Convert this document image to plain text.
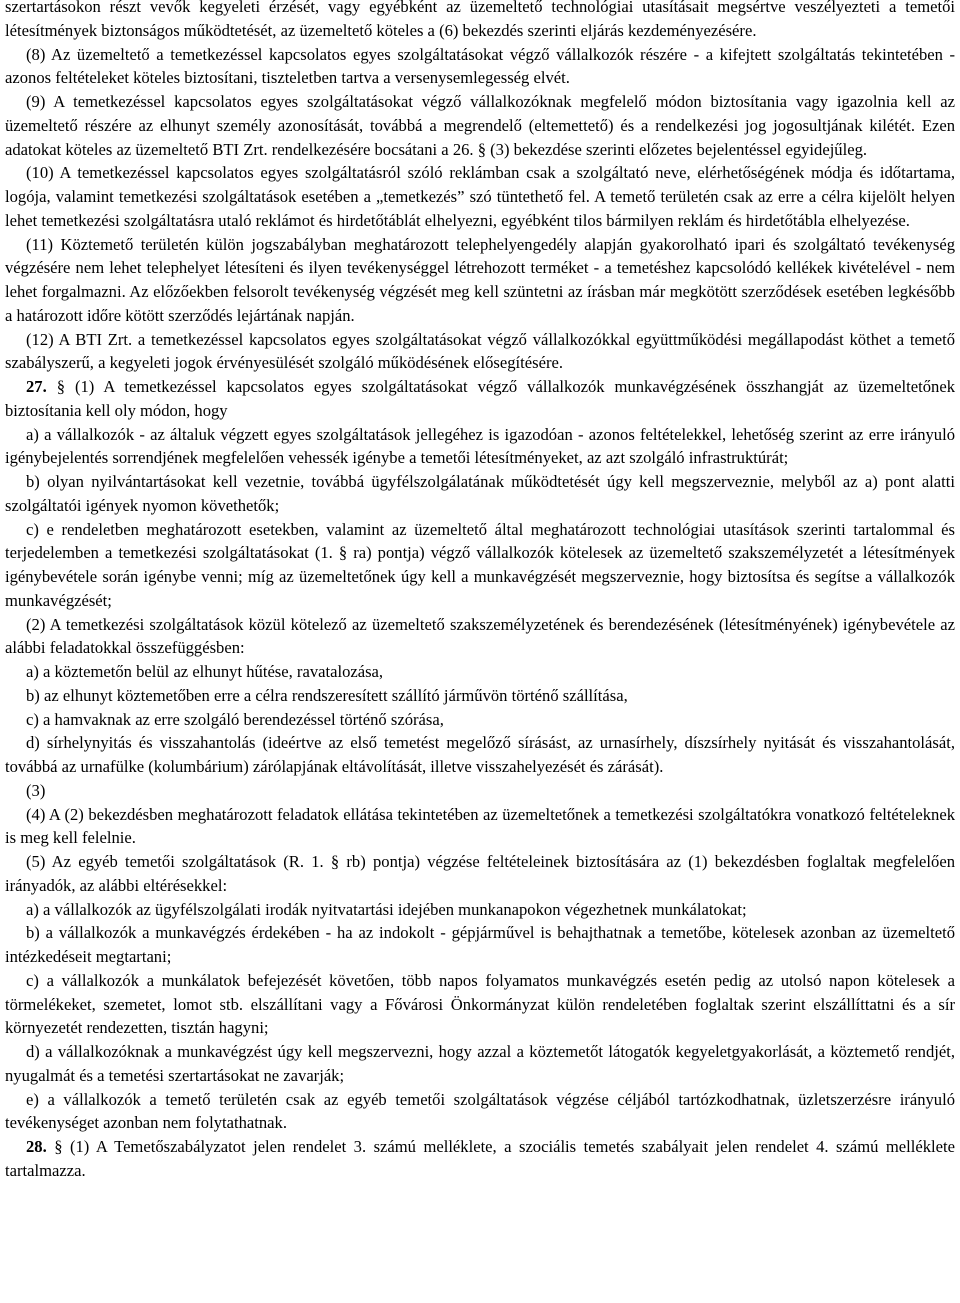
szertartásokon részt vevők kegyeleti érzését, vagy egyébként az üzemeltető technológiai utasításait megsértve veszélyezteti a temetői létesítmények biztonságos működtetését, az üzemeltető köteles a (6) bekezdés szerinti eljárás kezdeményezésére.

(8) Az üzemeltető a temetkezéssel kapcsolatos egyes szolgáltatásokat végző vállalkozók részére - a kifejtett szolgáltatás tekintetében - azonos feltételeket köteles biztosítani, tiszteletben tartva a versenysemlegesség elvét.

(9) A temetkezéssel kapcsolatos egyes szolgáltatásokat végző vállalkozóknak megfelelő módon biztosítania vagy igazolnia kell az üzemeltető részére az elhunyt személy azonosítását, továbbá a megrendelő (eltemettető) és a rendelkezési jog jogosultjának kilétét. Ezen adatokat köteles az üzemeltető BTI Zrt. rendelkezésére bocsátani a 26. § (3) bekezdése szerinti előzetes bejelentéssel egyidejűleg.

(10) A temetkezéssel kapcsolatos egyes szolgáltatásról szóló reklámban csak a szolgáltató neve, elérhetőségének módja és időtartama, logója, valamint temetkezési szolgáltatások esetében a „temetkezés” szó tüntethető fel. A temető területén csak az erre a célra kijelölt helyen lehet temetkezési szolgáltatásra utaló reklámot és hirdetőtáblát elhelyezni, egyébként tilos bármilyen reklám és hirdetőtábla elhelyezése.

(11) Köztemető területén külön jogszabályban meghatározott telephelyengedély alapján gyakorolható ipari és szolgáltató tevékenység végzésére nem lehet telephelyet létesíteni és ilyen tevékenységgel létrehozott terméket - a temetéshez kapcsolódó kellékek kivételével - nem lehet forgalmazni. Az előzőekben felsorolt tevékenység végzését meg kell szüntetni az írásban már megkötött szerződések esetében legkésőbb a határozott időre kötött szerződés lejártának napján.

(12) A BTI Zrt. a temetkezéssel kapcsolatos egyes szolgáltatásokat végző vállalkozókkal együttműködési megállapodást köthet a temető szabályszerű, a kegyeleti jogok érvényesülését szolgáló működésének elősegítésére.

27. § (1) A temetkezéssel kapcsolatos egyes szolgáltatásokat végző vállalkozók munkavégzésének összhangját az üzemeltetőnek biztosítania kell oly módon, hogy

a) a vállalkozók - az általuk végzett egyes szolgáltatások jellegéhez is igazodóan - azonos feltételekkel, lehetőség szerint az erre irányuló igénybejelentés sorrendjének megfelelően vehessék igénybe a temetői létesítményeket, az azt szolgáló infrastruktúrát;

b) olyan nyilvántartásokat kell vezetnie, továbbá ügyfélszolgálatának működtetését úgy kell megszerveznie, melyből az a) pont alatti szolgáltatói igények nyomon követhetők;

c) e rendeletben meghatározott esetekben, valamint az üzemeltető által meghatározott technológiai utasítások szerinti tartalommal és terjedelemben a temetkezési szolgáltatásokat (1. § ra) pontja) végző vállalkozók kötelesek az üzemeltető szakszemélyzetét a létesítmények igénybevétele során igénybe venni; míg az üzemeltetőnek úgy kell a munkavégzését megszerveznie, hogy biztosítsa és segítse a vállalkozók munkavégzését;

(2) A temetkezési szolgáltatások közül kötelező az üzemeltető szakszemélyzetének és berendezésének (létesítményének) igénybevétele az alábbi feladatokkal összefüggésben:

a) a köztemetőn belül az elhunyt hűtése, ravatalozása,

b) az elhunyt köztemetőben erre a célra rendszeresített szállító járművön történő szállítása,

c) a hamvaknak az erre szolgáló berendezéssel történő szórása,

d) sírhelynyitás és visszahantolás (ideértve az első temetést megelőző sírásást, az urnasírhely, díszsírhely nyitását és visszahantolását, továbbá az urnafülke (kolumbárium) zárólapjának eltávolítását, illetve visszahelyezését és zárását).

(3)

(4) A (2) bekezdésben meghatározott feladatok ellátása tekintetében az üzemeltetőnek a temetkezési szolgáltatókra vonatkozó feltételeknek is meg kell felelnie.

(5) Az egyéb temetői szolgáltatások (R. 1. § rb) pontja) végzése feltételeinek biztosítására az (1) bekezdésben foglaltak megfelelően irányadók, az alábbi eltérésekkel:

a) a vállalkozók az ügyfélszolgálati irodák nyitvatartási idejében munkanapokon végezhetnek munkálatokat;

b) a vállalkozók a munkavégzés érdekében - ha az indokolt - gépjárművel is behajthatnak a temetőbe, kötelesek azonban az üzemeltető intézkedéseit megtartani;

c) a vállalkozók a munkálatok befejezését követően, több napos folyamatos munkavégzés esetén pedig az utolsó napon kötelesek a törmelékeket, szemetet, lomot stb. elszállítani vagy a Fővárosi Önkormányzat külön rendeletében foglaltak szerint elszállíttatni és a sír környezetét rendezetten, tisztán hagyni;

d) a vállalkozóknak a munkavégzést úgy kell megszervezni, hogy azzal a köztemetőt látogatók kegyeletgyakorlását, a köztemető rendjét, nyugalmát és a temetési szertartásokat ne zavarják;

e) a vállalkozók a temető területén csak az egyéb temetői szolgáltatások végzése céljából tartózkodhatnak, üzletszerzésre irányuló tevékenységet azonban nem folytathatnak.

28. § (1) A Temetőszabályzatot jelen rendelet 3. számú melléklete, a szociális temetés szabályait jelen rendelet 4. számú melléklete tartalmazza.
